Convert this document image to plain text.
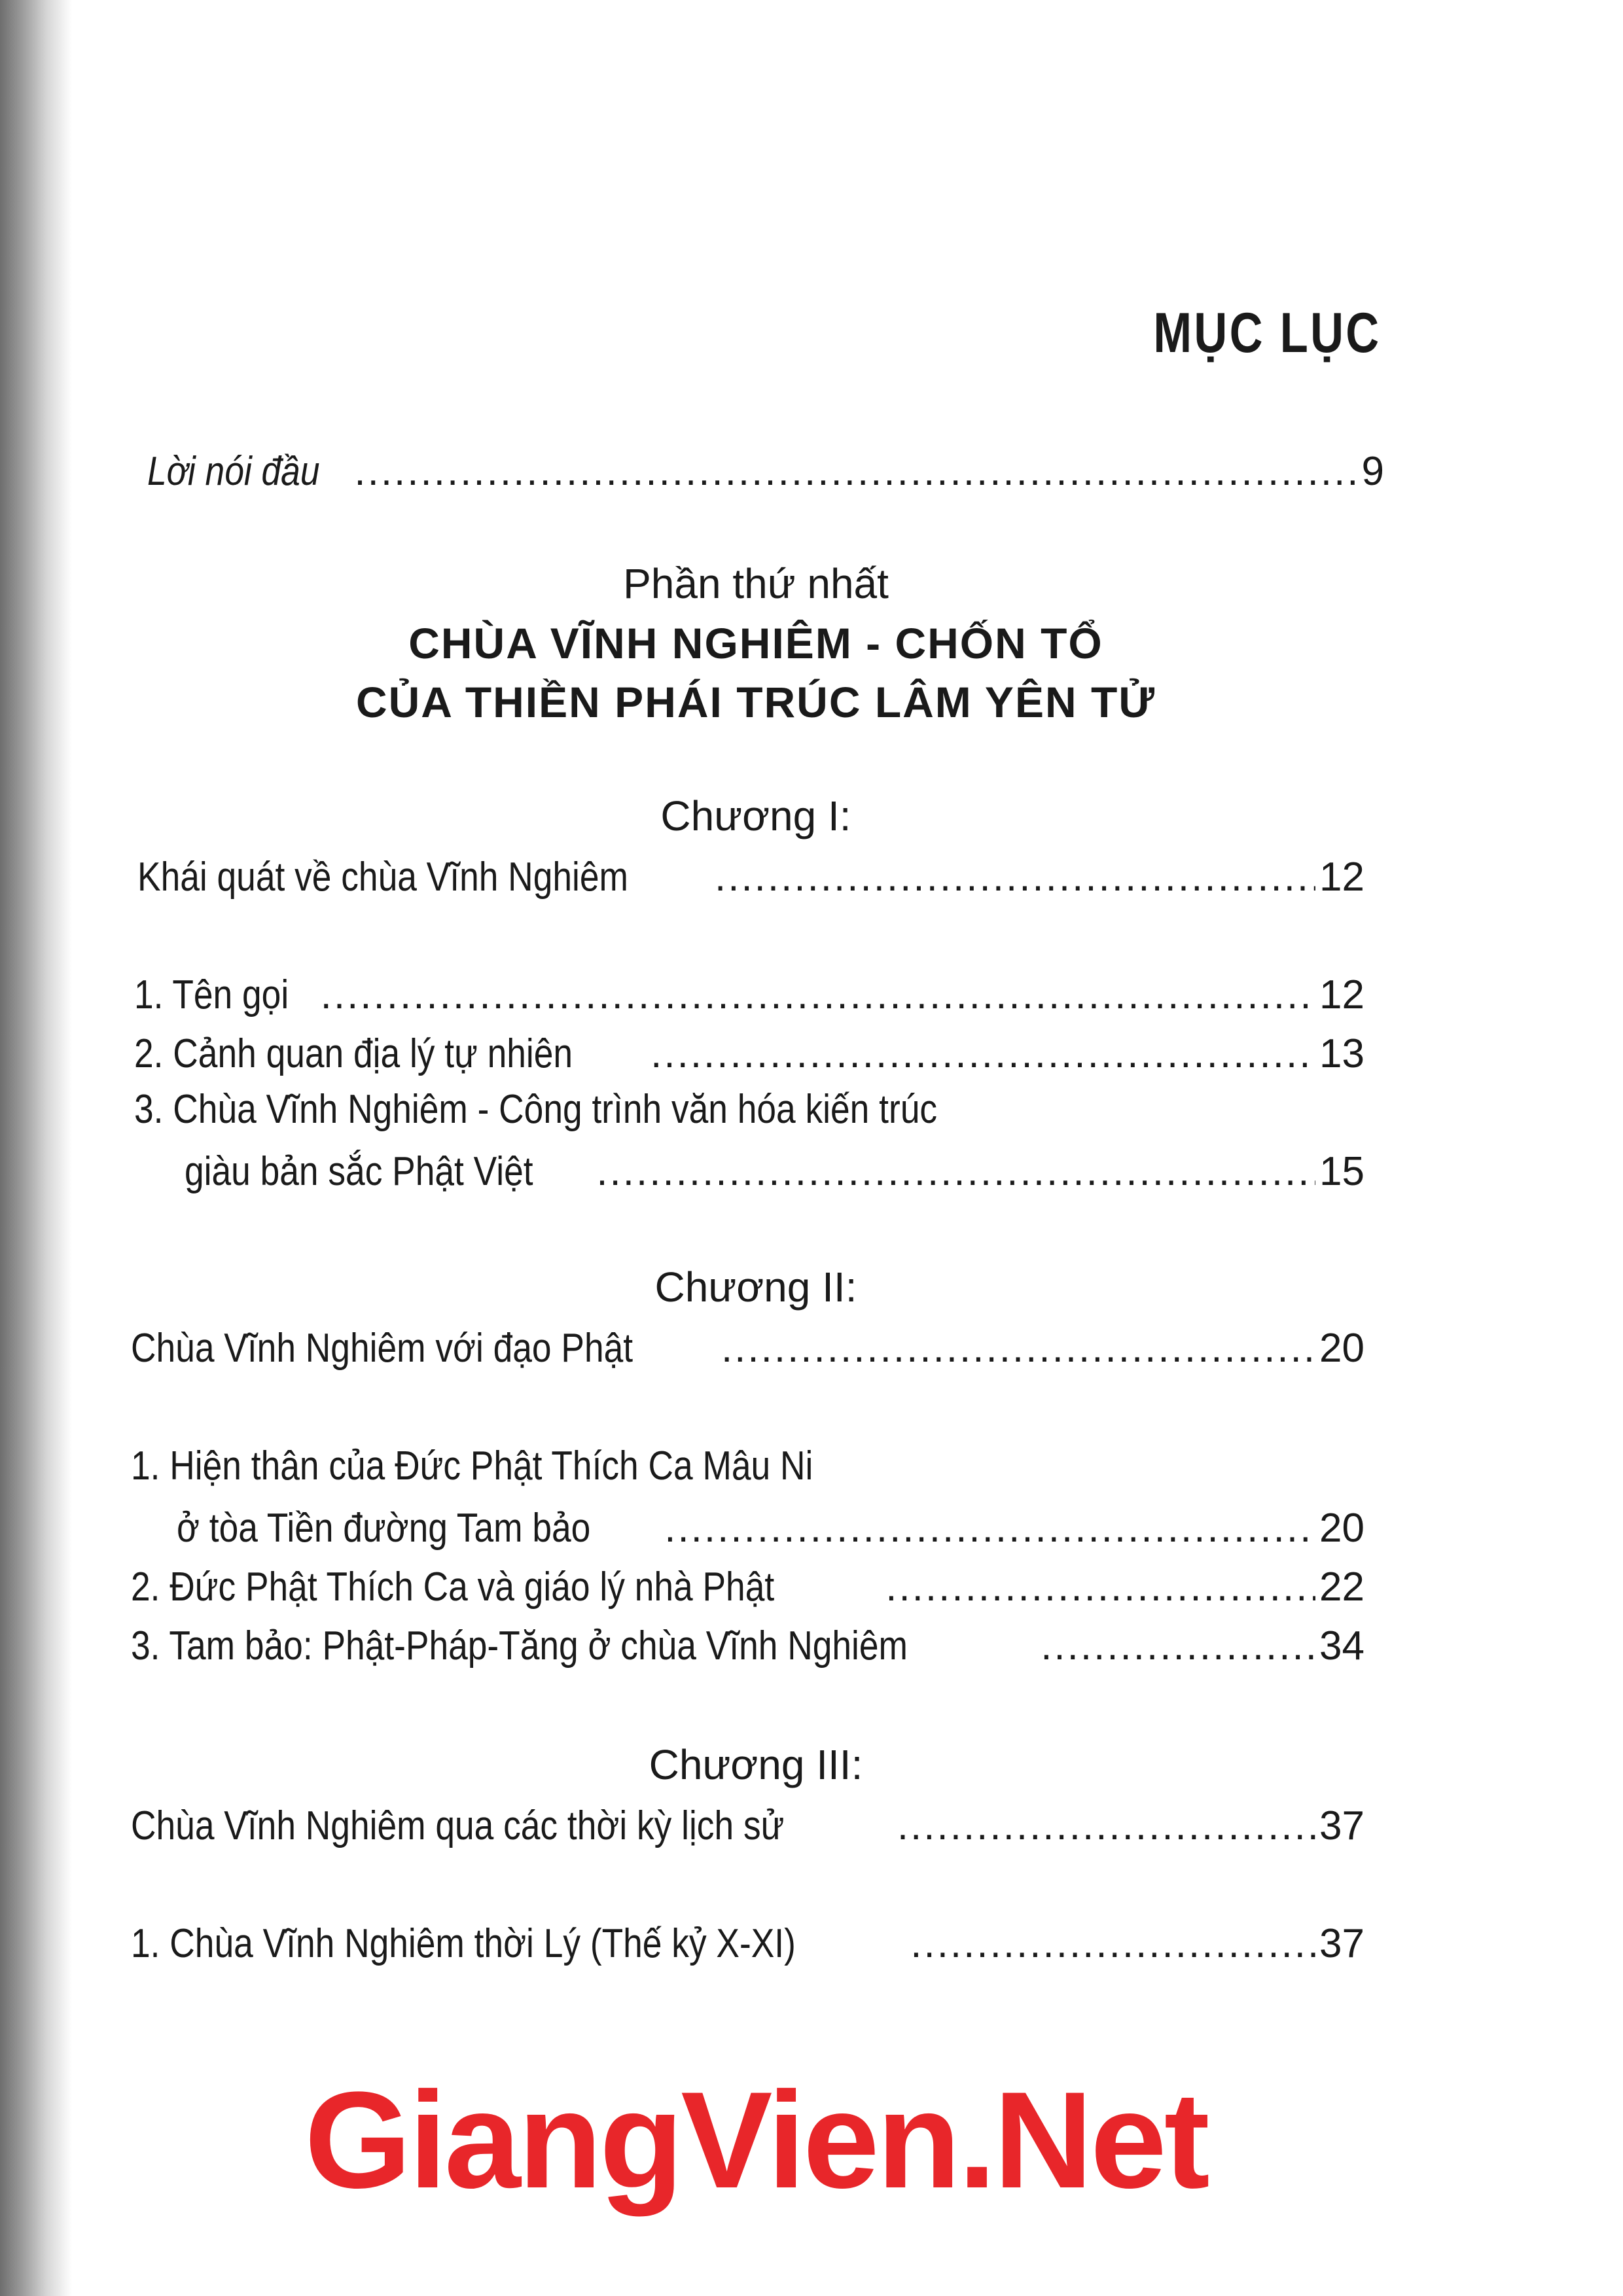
MỤC LỤC
Lời nói đầu .....	9
Phần thứ nhất
CHÙA VĨNH NGHIÊM - CHỐN TỔ
CỦA THIỀN PHÁI TRÚC LÂM YÊN TỬ
Chương I:
Khái quát về chùa Vĩnh Nghiêm .....	12
1. Tên gọi .....	12
2. Cảnh quan địa lý tự nhiên .....	13
3. Chùa Vĩnh Nghiêm - Công trình văn hóa kiến trúc
giàu bản sắc Phật Việt .....	15
Chương II:
Chùa Vĩnh Nghiêm với đạo Phật .....	20
1. Hiện thân của Đức Phật Thích Ca Mâu Ni
ở tòa Tiền đường Tam bảo .....	20
2. Đức Phật Thích Ca và giáo lý nhà Phật .....	22
3. Tam bảo: Phật-Pháp-Tăng ở chùa Vĩnh Nghiêm .....	34
Chương III:
Chùa Vĩnh Nghiêm qua các thời kỳ lịch sử .....	37
1. Chùa Vĩnh Nghiêm thời Lý (Thế kỷ X-XI) .....	37
GiangVien.Net
